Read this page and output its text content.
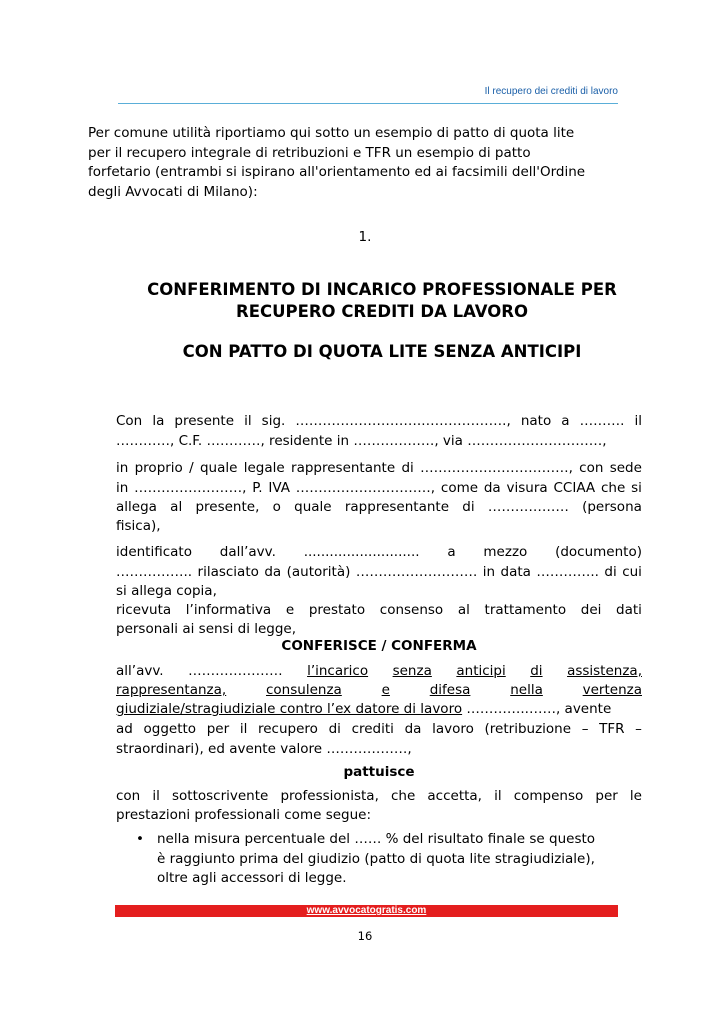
Il recupero dei crediti di lavoro
Per comune utilità riportiamo qui sotto un esempio di patto di quota lite
per il recupero integrale di retribuzioni e TFR un esempio di patto
forfetario (entrambi si ispirano all'orientamento ed ai facsimili dell'Ordine
degli Avvocati di Milano):
1.
CONFERIMENTO DI INCARICO PROFESSIONALE PER
RECUPERO CREDITI DA LAVORO
CON PATTO DI QUOTA LITE SENZA ANTICIPI
Con la presente il sig. ……………………….………………., nato a ………. il
…………, C.F. …………, residente in ………………, via …………………………,
in proprio / quale legale rappresentante di ……………………………, con sede
in ……………………, P. IVA …………………………, come da visura CCIAA che si
allega al presente, o quale rappresentante di ……………… (persona
fisica),
identificato dall’avv. ........................... a mezzo (documento)
…………….. rilasciato da (autorità) ……………………… in data ………….. di cui
si allega copia,
ricevuta l’informativa e prestato consenso al trattamento dei dati
personali ai sensi di legge,
CONFERISCE / CONFERMA
all’avv. ………………… l’incarico senza anticipi di assistenza,
rappresentanza,	consulenza	e	difesa	nella	vertenza
giudiziale/stragiudiziale contro l’ex datore di lavoro …………..……, avente
ad oggetto per il recupero di crediti da lavoro (retribuzione – TFR –
straordinari), ed avente valore ………………,
pattuisce
con il sottoscrivente professionista, che accetta, il compenso per le
prestazioni professionali come segue:
• nella misura percentuale del …… % del risultato finale se questo
è raggiunto prima del giudizio (patto di quota lite stragiudiziale),
oltre agli accessori di legge.
www.avvocatogratis.com
16
